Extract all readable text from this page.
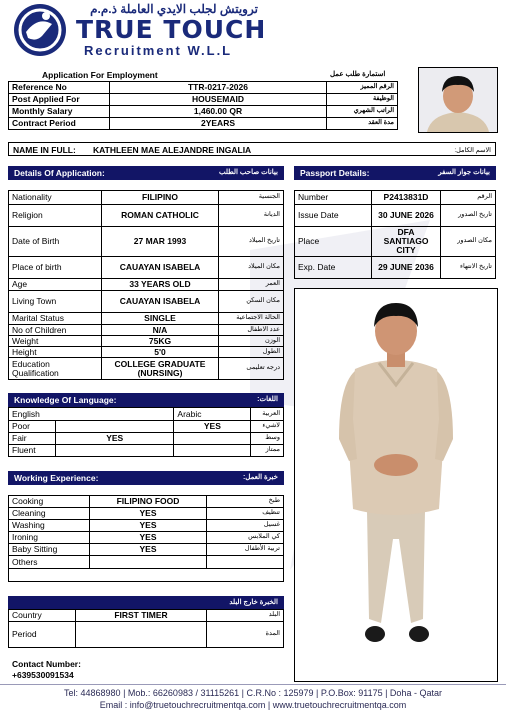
ترويتش لجلب الايدي العاملة ذ.م.م
TRUE TOUCH
Recruitment W.L.L
Application For Employment	استمارة طلب عمل
Reference No	TTR-0217-2026	الرقم المميز
Post Applied For	HOUSEMAID	الوظيفة
Monthly Salary	1,460.00 QR	الراتب الشهري
Contract Period	2YEARS	مدة العقد
NAME IN FULL: KATHLEEN MAE ALEJANDRE INGALIA	الاسم الكامل:
Details Of Application:	بيانات صاحب الطلب
Nationality	FILIPINO	الجنسية
Religion	ROMAN CATHOLIC	الديانة
Date of Birth	27 MAR 1993	تاريخ الميلاد
Place of birth	CAUAYAN ISABELA	مكان الميلاد
Age	33 YEARS OLD	العمر
Living Town	CAUAYAN ISABELA	مكان السكن
Marital Status	SINGLE	الحالة الاجتماعية
No of Children	N/A	عدد الاطفال
Weight	75KG	الوزن
Height	5'0	الطول
Education Qualification	COLLEGE GRADUATE (NURSING)	درجه تعليمى
Passport Details:	بيانات جواز السفر
Number	P2413831D	الرقم
Issue Date	30 JUNE 2026	تاريخ الصدور
Place	DFA SANTIAGO CITY	مكان الصدور
Exp. Date	29 JUNE 2036	تاريخ الانتهاء
Knowledge Of Language:	اللغات:
English		Arabic	العربية
Poor		YES	لاشيء
Fair	YES		وسط
Fluent			ممتاز
Working Experience:	خبرة العمل:
Cooking	FILIPINO FOOD	طبخ
Cleaning	YES	تنظيف
Washing	YES	غسيل
Ironing	YES	كي الملابس
Baby Sitting	YES	تربية الأطفال
Others		

الخبرة خارج البلد
Country	FIRST TIMER	البلد
Period		المدة
Contact Number:
+639530091534
Tel: 44868980 | Mob.: 66260983 / 31115261 | C.R.No : 125979 | P.O.Box: 91175 | Doha - Qatar
Email : info@truetouchrecruitmentqa.com | www.truetouchrecruitmentqa.com
